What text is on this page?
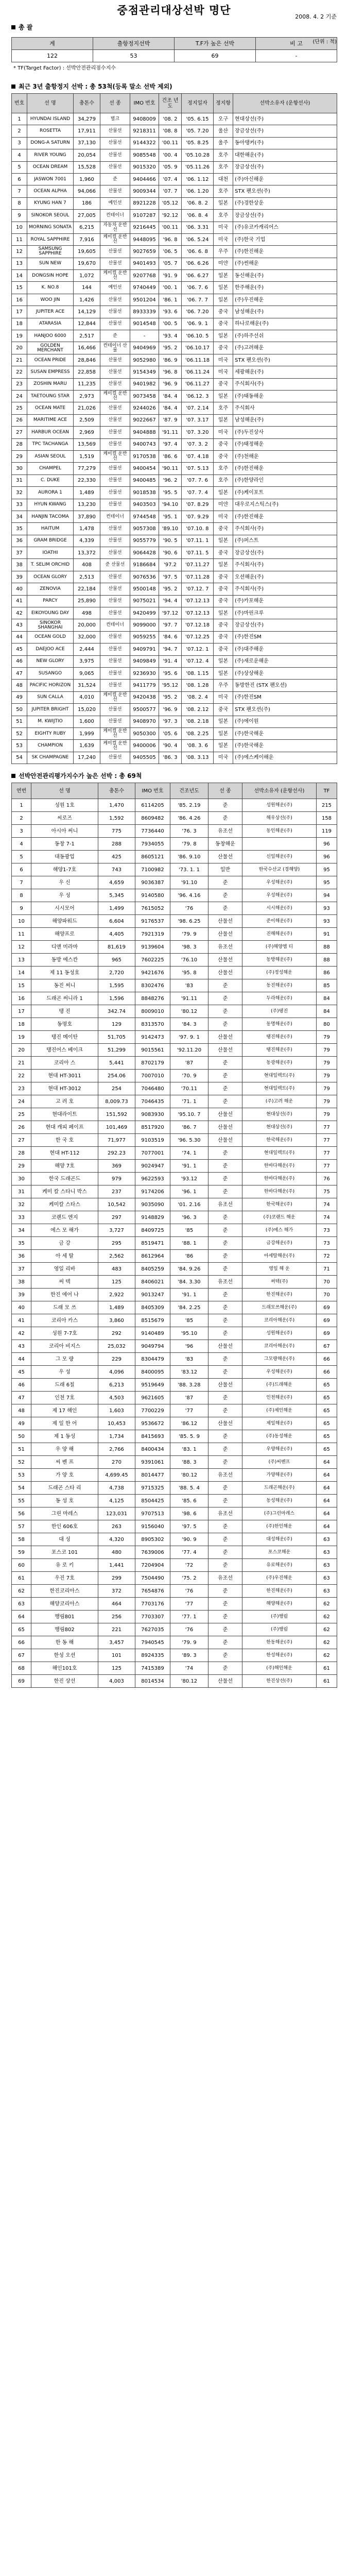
중점관리대상선박 명단
2008. 4. 2 기준
총 괄
(단위 : 척)
계	출항정지선박	T.F가 높은 선박	비 고
122	53	69	-
* TF(Target Factor) : 선박안전관리점수지수
최근 3년 출항정지 선박 : 총 53척(등록 말소 선박 제외)
번호	선 명	총톤수	선 종	IMO 번호	건조 년도	정지일자	정지항	선박소유자 (운항선사)
1	HYUNDAI ISLAND	34,279	벌크	9408009	'08. 2	'05. 6.15	오구	현대상선(주)
2	ROSETTA	17,911	산물선	9218311	'08. 8	'05. 7.20	울산	장금상선(주)
3	DONG-A SATURN	37,130	산물선	9144322	'00.11	'05. 8.25	울주	동아탱커(주)
4	RIVER YOUNG	20,054	산물선	9085548	'00. 4	'05.10.28	호주	대한해운(주)
5	OCEAN DREAM	15,528	산물선	9015320	'05. 9	'05.11.26	호주	장금상선(주)
6	JASWON 7001	1,960	준	9404466	'07. 4	'06. 1.12	대천	(주)아신해운
7	OCEAN ALPHA	94,066	산물선	9009344	'07. 7	'06. 1.20	호주	STX 팬오션(주)
8	KYUNG HAN 7	186	예인선	8921228	'05.12	'06. 8. 2	일본	(주)경한상운
9	SINOKOR SEOUL	27,005	컨테이너	9107287	'92.12	'06. 8. 4	호주	장금상선(주)
10	MORNING SONATA	6,215	자동차 운반선	9216445	'00.11	'06. 3.31	미국	(주)유코카캐리어스
11	ROYAL SAPPHIRE	7,916	케미컬 운반선	9448095	'96. 8	'06. 5.24	미국	(주)한국 기업
12	SAMSUNG SAPPHIRE	19,605	산물선	9027659	'06. 5	'06. 6. 8	우주	(주)한진해운
13	SUN NEW	19,670	산물선	9401493	'05. 7	'06. 6.26	미얀	(주)썬해운
14	DONGSIN HOPE	1,072	케미컬 운반선	9207768	'91. 9	'06. 6.27	일본	동신해운(주)
15	K. NO.8	144	예인선	9740449	'00. 1	'06. 7. 6	일본	한주해운(주)
16	WOO JIN	1,426	산물선	9501204	'86. 1	'06. 7. 7	일본	(주)우진해운
17	JUPITER ACE	14,129	산물선	8933339	'93. 6	'06. 7.20	중국	남성해운(주)
18	ATARASIA	12,844	산물선	9014548	'00. 5	'06. 9. 1	중국	하나로해운(주)
19	HANJOO 6000	2,517	준	-	'93. 4	'06.10. 5	일본	(주)하주선쉬
20	GOLDEN MERCHANT	16,466	컨테이너 산물	9404969	'95. 2	'06.10.17	중국	(주)고려해운
21	OCEAN PRIDE	28,846	산물선	9052980	'86. 9	'06.11.18	미국	STX 팬오션(주)
22	SUSAN EMPRESS	22,858	산물선	9154349	'96. 8	'06.11.24	미국	세광해운(주)
23	ZOSHIN MARU	11,235	산물선	9401982	'96. 9	'06.11.27	중국	주식회사(주)
24	TAETOUNG STAR	2,973	케미컬 운반선	9073458	'84. 4	'06.12. 3	일본	(주)태동해운
25	OCEAN MATE	21,026	산물선	9244026	'84. 4	'07. 2.14	호주	주식회사
26	MARITIME ACE	2,509	산물선	9022667	'87. 9	'07. 3.17	일본	남성해운(주)
27	HARBUR OCEAN	2,969	산물선	9404888	'91.11	'07. 3.20	미국	(주)두진상사
28	TPC TACHANGA	13,569	산물선	9400743	'97. 4	'07. 3. 2	중국	(주)태정해운
29	ASIAN SEOUL	1,519	케미컬 운반선	9170538	'86. 6	'07. 4.18	중국	(주)천해운
30	CHAMPEL	77,279	산물선	9400454	'90.11	'07. 5.13	호주	(주)한진해운
31	C. DUKE	22,330	산물선	9400485	'96. 2	'07. 7. 6	호주	(주)한양라인
32	AURORA 1	1,489	산물선	9018538	'95. 5	'07. 7. 4	일본	(주)케이포트
33	HYUN KWANG	13,230	산물선	9403503	'94.10	'07. 8.29	미얀	대우로지스틱스(주)
34	HANJIN TACOMA	37,890	컨테이너	9744548	'95. 1	'07. 9.29	미국	(주)한진해운
35	HAITUM	1,478	산물선	9057308	'89.10	'07.10. 8	중국	주식회사(주)
36	GRAM BRIDGE	4,339	산물선	9055779	'90. 5	'07.11. 1	일본	(주)퍼스트
37	IOATHI	13,372	산물선	9064428	'90. 6	'07.11. 5	중국	장금상선(주)
38	T. SELIM ORCHID	408	준 산물선	9186684	'97.2	'07.11.27	일본	주식회사(주)
39	OCEAN GLORY	2,513	산물선	9076536	'97. 5	'07.11.28	중국	오션해운(주)
40	ZENOVIA	22,184	산물선	9500148	'95. 2	'07.12. 7	중국	주식회사(주)
41	PARCY	25,890	산물선	9075021	'94. 4	'07.12.13	중국	(주)카포해운
42	EIKOYOUNG DAY	498	산물선	9420499	'97.12	'07.12.13	일본	(주)마린크루
43	SINOKOR SHANGHAI	20,000	컨테이너	9099000	'97. 7	'07.12.18	중국	장금상선(주)
44	OCEAN GOLD	32,000	산물선	9059255	'84. 6	'07.12.25	중국	(주)한진SM
45	DAEJOO ACE	2,444	산물선	9409791	'94. 7	'07.12. 1	중국	(주)대주해운
46	NEW GLORY	3,975	산물선	9409849	'91. 4	'07.12. 4	일본	(주)새로운해운
47	SUSANGO	9,065	산물선	9236930	'95. 6	'08. 1.15	일본	(주)상상해운
48	PACIFIC HORIZON	31,524	산물선	9411779	'95.12	'08. 1.28	우주	동방한진 (STX 팬오션)
49	SUN CALLA	4,010	케미컬 운반선	9420438	'95. 2	'08. 2. 4	미국	(주)한진SM
50	JUPITER BRIGHT	15,020	산물선	9500577	'96. 9	'08. 2.12	중국	STX 팬오션(주)
51	M. KWIJTIO	1,600	산물선	9408970	'97. 3	'08. 2.18	일본	(주)에이원
52	EIGHTY RUBY	1,999	케미컬 운반선	9050300	'05. 6	'08. 2.25	일본	(주)한국해운
53	CHAMPION	1,639	케미컬 운반선	9400006	'90. 4	'08. 3. 6	일본	(주)한국해운
54	SK CHAMPAGNE	17,240	산물선	9405505	'86. 3	'08. 3.13	미국	(주)에스케이해운
선박안전관리평가지수가 높은 선박 : 총 69척
연번	선 명	총톤수	IMO 번호	건조년도	선 종	선박소유자 (운항선사)	TF
1	성원 1호	1,470	6114205	'85. 2.19	준	성원해운(주)	215
2	씨로즈	1,592	8609482	'86. 4.26	준	해우상선(주)	158
3	아시아 써니	775	7736440	'76. 3	유조선	동인해운(주)	119
4	동창 7-1	288	7934055	'79. 8	동창해운		96
5	대동광업	425	8605121	'86. 9.10	산물선	신일해운(주)	96
6	해양1-7호	743	7100982	'73. 1. 1	일반	한국수산교 (경해양)	95
7	우 신	4,659	9036387	'91.10	준	우성해운(주)	95
8	우 성	5,345	9140580	'96. 4.16	준	우성해운(주)	94
9	시시모어	1,499	7615052	'76	준	시시해운(주)	93
10	해양파워드	6,604	9176537	'98. 6.25	산물선	준이해운(주)	93
11	해양프로	4,405	7921319	'79. 9	산물선	진해해운(주)	91
12	디앤 미라마	81,619	9139604	'98. 3	유조선	(주)해양엠 티	88
13	동방 에스칸	965	7602225	'76.10	산물선	동방해운(주)	88
14	제 11 동성호	2,720	9421676	'95. 8	산물선	(주)정성해운	86
15	동진 써니	1,595	8302476	'83	준	동진해운(주)	85
16	드래곤 써니라 1	1,596	8848276	'91.11	준	두라해운(주)	84
17	탱 진	342.74	8009010	'80.12	준	(주)탱진	84
18	동명호	129	8313570	'84. 3	준	동명해운(주)	80
19	탱진 메이탄	51,705	9142473	'97. 9. 1	산물선	탱진해운(주)	79
20	탱진어스 베이크	51,299	9015561	'92.11.20	산물선	탱진해운(주)	79
21	코리아 스	5,441	8702179	'87	준	동광해운(주)	79
22	현대 HT-3011	254.06	7007010	'70. 9	준	현대일렉트(주)	79
23	현대 HT-3012	254	7046480	'70.11	준	현대일렉트(주)	79
24	고 려 호	8,009.73	7046435	'71. 1	준	(주)고려 해운	79
25	현대라이트	151,592	9083930	'95.10. 7	산물선	현대상선(주)	79
26	현대 캐피 페이프	101,469	8517920	'86. 7	산물선	현대상선(주)	77
27	한 국 호	71,977	9103519	'96. 5.30	산물선	한국해운(주)	77
28	현대 HT-112	292.23	7077001	'74. 1	준	현대일렉트(주)	77
29	해양 7호	369	9024947	'91. 1	준	한바다해운(주)	77
30	한국 드래곤드	979	9622593	'93.12	준	한바다해운(주)	76
31	케미 칼 스타니 박스	237	9174206	'96. 1	준	한바다해운(주)	75
32	케미칼 스타스	10,542	9035090	'01. 2.16	유조선	한국해운(주)	74
33	코랜드 엔지	297	9148829	'96. 3	준	(주)코랜드 해운	74
34	에스 모 해가	3,727	8409725	'85	준	(주)에스 해가	73
35	금 강	295	8519471	'88. 1	준	금강해운(주)	73
36	아 세 탈	2,562	8612964	'86	준	아세탈해운(주)	72
37	영일 리바	483	8405259	'84. 9.26	준	영일 해 운	71
38	써 텍	125	8406021	'84. 3.30	유조선	써텍(주)	70
39	한진 에어 나	2,922	9013247	'91. 1	준	한진해운(주)	70
40	드래 모 쓰	1,489	8405309	'84. 2.25	준	드래모쓰해운(주)	69
41	코리아 카스	3,860	8515679	'85	준	코리아해운(주)	69
42	성원 7-7호	292	9140489	'95.10	준	성원해운(주)	69
43	코리아 비지스	25,032	9049794	'96	산물선	코리아해운(주)	67
44	그 모 량	229	8304479	'83	준	그모량해운(주)	66
45	우 성	4,096	8400095	'83.12	준	우성해운(주)	66
46	드래 6칠	6,213	9519649	'88. 3.28	산물선	(주)드래해운	65
47	인천 7호	4,503	9621605	'87	준	인천해운(주)	65
48	제 17 해인	1,603	7700229	'77	준	(주)제인해운	65
49	제 일 한 어	10,453	9536672	'86.12	산물선	제일해운(주)	65
50	제 1 동성	1,734	8415693	'85. 5. 9	준	(주)동성해운	65
51	우 양 해	2,766	8400434	'83. 1	준	우양해운(주)	65
52	씨 벤 프	270	9391061	'88. 3	준	(주)씨벤프	64
53	가 양 호	4,699.45	8014477	'80.12	유조선	가양해운(주)	64
54	드래곤 스타 리	4,738	9715325	'88. 5. 4	준	드래곤해운(주)	64
55	동 성 호	4,125	8504425	'85. 6	준	동성해운(주)	64
56	그린 마레스	123,031	9707513	'98. 6	유조선	(주)그린마레스	64
57	한인 606호	263	9156040	'97. 5	준	(주)한인해운	64
58	대 성	4,320	8905302	'90. 9	준	대성해운(주)	63
59	포스코 101	480	7639006	'77. 4	준	포스코해운	63
60	유 로 키	1,441	7204904	'72	준	유로해운(주)	63
61	우진 7호	299	7504490	'75. 2	유조선	(주)우진해운	63
62	한진코리아스	372	7654876	'76	준	한진해운(주)	63
63	해양코리아스	464	7703176	'77	준	해양해운(주)	62
64	행림801	256	7703307	'77. 1	준	(주)행림	62
65	행림802	221	7627035	'76	준	(주)행림	62
66	한 동 해	3,457	7940545	'79. 9	준	한동해운(주)	62
67	한성 오션	101	8924335	'89. 3	준	한성해운(주)	62
68	해인101호	125	7415389	'74	준	(주)해인해운	61
69	한진 상선	4,003	8014534	'80.12	산물선	한진상선(주)	61
